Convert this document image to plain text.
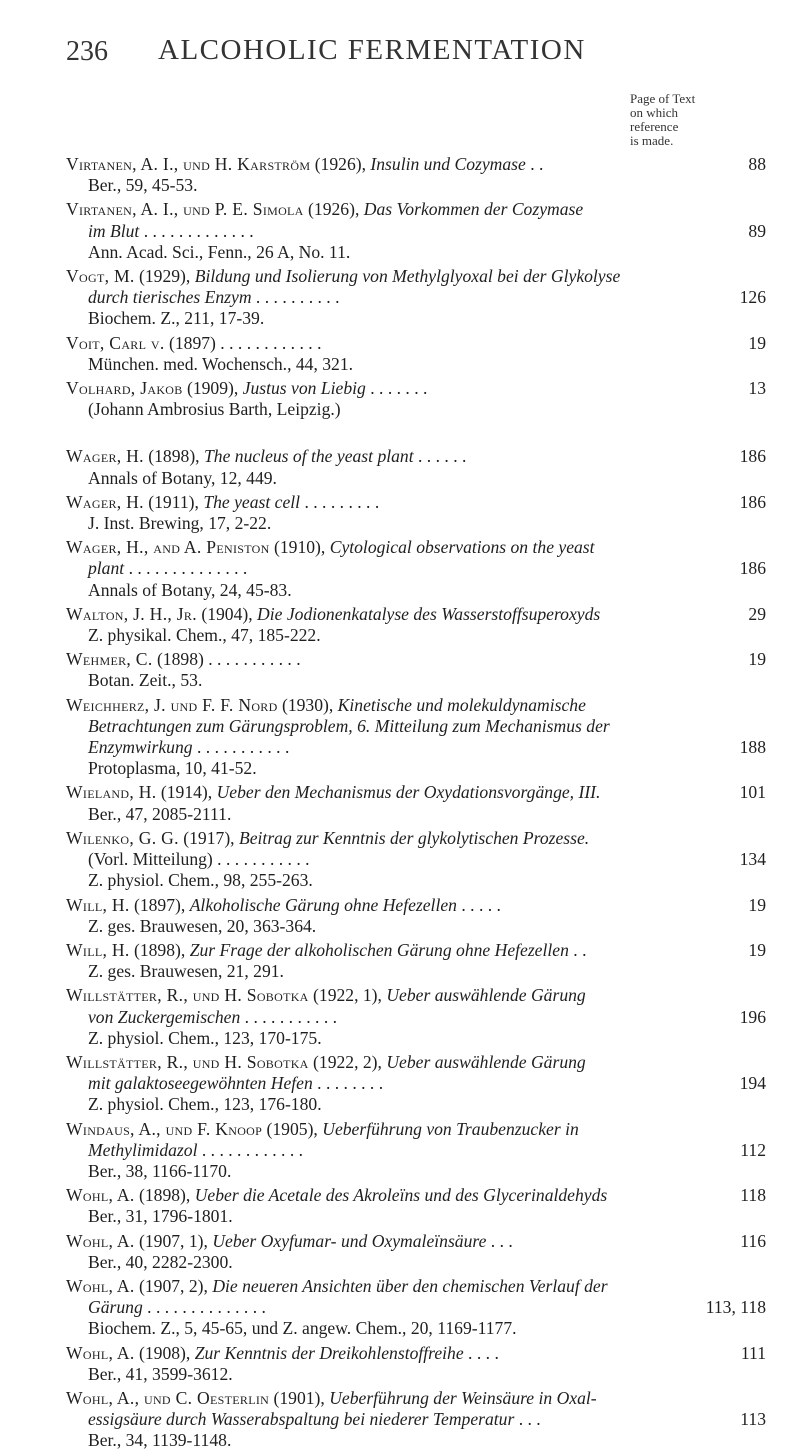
236 ALCOHOLIC FERMENTATION
Page of Text
on which
reference
is made.
Virtanen, A. I., und H. Karström (1926), Insulin und Cozymase . .
Ber., 59, 45-53.
88
Virtanen, A. I., und P. E. Simola (1926), Das Vorkommen der Cozymase
im Blut . . . . . . . . . . . . .
Ann. Acad. Sci., Fenn., 26 A, No. 11.
89
Vogt, M. (1929), Bildung und Isolierung von Methylglyoxal bei der Glykolyse
durch tierisches Enzym . . . . . . . . . .
Biochem. Z., 211, 17-39.
126
Voit, Carl v. (1897) . . . . . . . . . . . .
München. med. Wochensch., 44, 321.
19
Volhard, Jakob (1909), Justus von Liebig . . . . . . .
(Johann Ambrosius Barth, Leipzig.)
13
Wager, H. (1898), The nucleus of the yeast plant . . . . . .
Annals of Botany, 12, 449.
186
Wager, H. (1911), The yeast cell . . . . . . . . .
J. Inst. Brewing, 17, 2-22.
186
Wager, H., and A. Peniston (1910), Cytological observations on the yeast
plant . . . . . . . . . . . . . .
Annals of Botany, 24, 45-83.
186
Walton, J. H., Jr. (1904), Die Jodionenkatalyse des Wasserstoffsuperoxyds
Z. physikal. Chem., 47, 185-222.
29
Wehmer, C. (1898) . . . . . . . . . . .
Botan. Zeit., 53.
19
Weichherz, J. und F. F. Nord (1930), Kinetische und molekuldynamische
Betrachtungen zum Gärungsproblem, 6. Mitteilung zum Mechanismus der
Enzymwirkung . . . . . . . . . . .
Protoplasma, 10, 41-52.
188
Wieland, H. (1914), Ueber den Mechanismus der Oxydationsvorgänge, III.
Ber., 47, 2085-2111.
101
Wilenko, G. G. (1917), Beitrag zur Kenntnis der glykolytischen Prozesse.
(Vorl. Mitteilung) . . . . . . . . . . .
Z. physiol. Chem., 98, 255-263.
134
Will, H. (1897), Alkoholische Gärung ohne Hefezellen . . . . .
Z. ges. Brauwesen, 20, 363-364.
19
Will, H. (1898), Zur Frage der alkoholischen Gärung ohne Hefezellen . .
Z. ges. Brauwesen, 21, 291.
19
Willstätter, R., und H. Sobotka (1922, 1), Ueber auswählende Gärung
von Zuckergemischen . . . . . . . . . . .
Z. physiol. Chem., 123, 170-175.
196
Willstätter, R., und H. Sobotka (1922, 2), Ueber auswählende Gärung
mit galaktoseegewöhnten Hefen . . . . . . . .
Z. physiol. Chem., 123, 176-180.
194
Windaus, A., und F. Knoop (1905), Ueberführung von Traubenzucker in
Methylimidazol . . . . . . . . . . . .
Ber., 38, 1166-1170.
112
Wohl, A. (1898), Ueber die Acetale des Akroleïns und des Glycerinaldehyds
Ber., 31, 1796-1801.
118
Wohl, A. (1907, 1), Ueber Oxyfumar- und Oxymaleïnsäure . . .
Ber., 40, 2282-2300.
116
Wohl, A. (1907, 2), Die neueren Ansichten über den chemischen Verlauf der
Gärung . . . . . . . . . . . . . .
Biochem. Z., 5, 45-65, und Z. angew. Chem., 20, 1169-1177.
113, 118
Wohl, A. (1908), Zur Kenntnis der Dreikohlenstoffreihe . . . .
Ber., 41, 3599-3612.
111
Wohl, A., und C. Oesterlin (1901), Ueberführung der Weinsäure in Oxal-
essigsäure durch Wasserabspaltung bei niederer Temperatur . . .
Ber., 34, 1139-1148.
113
